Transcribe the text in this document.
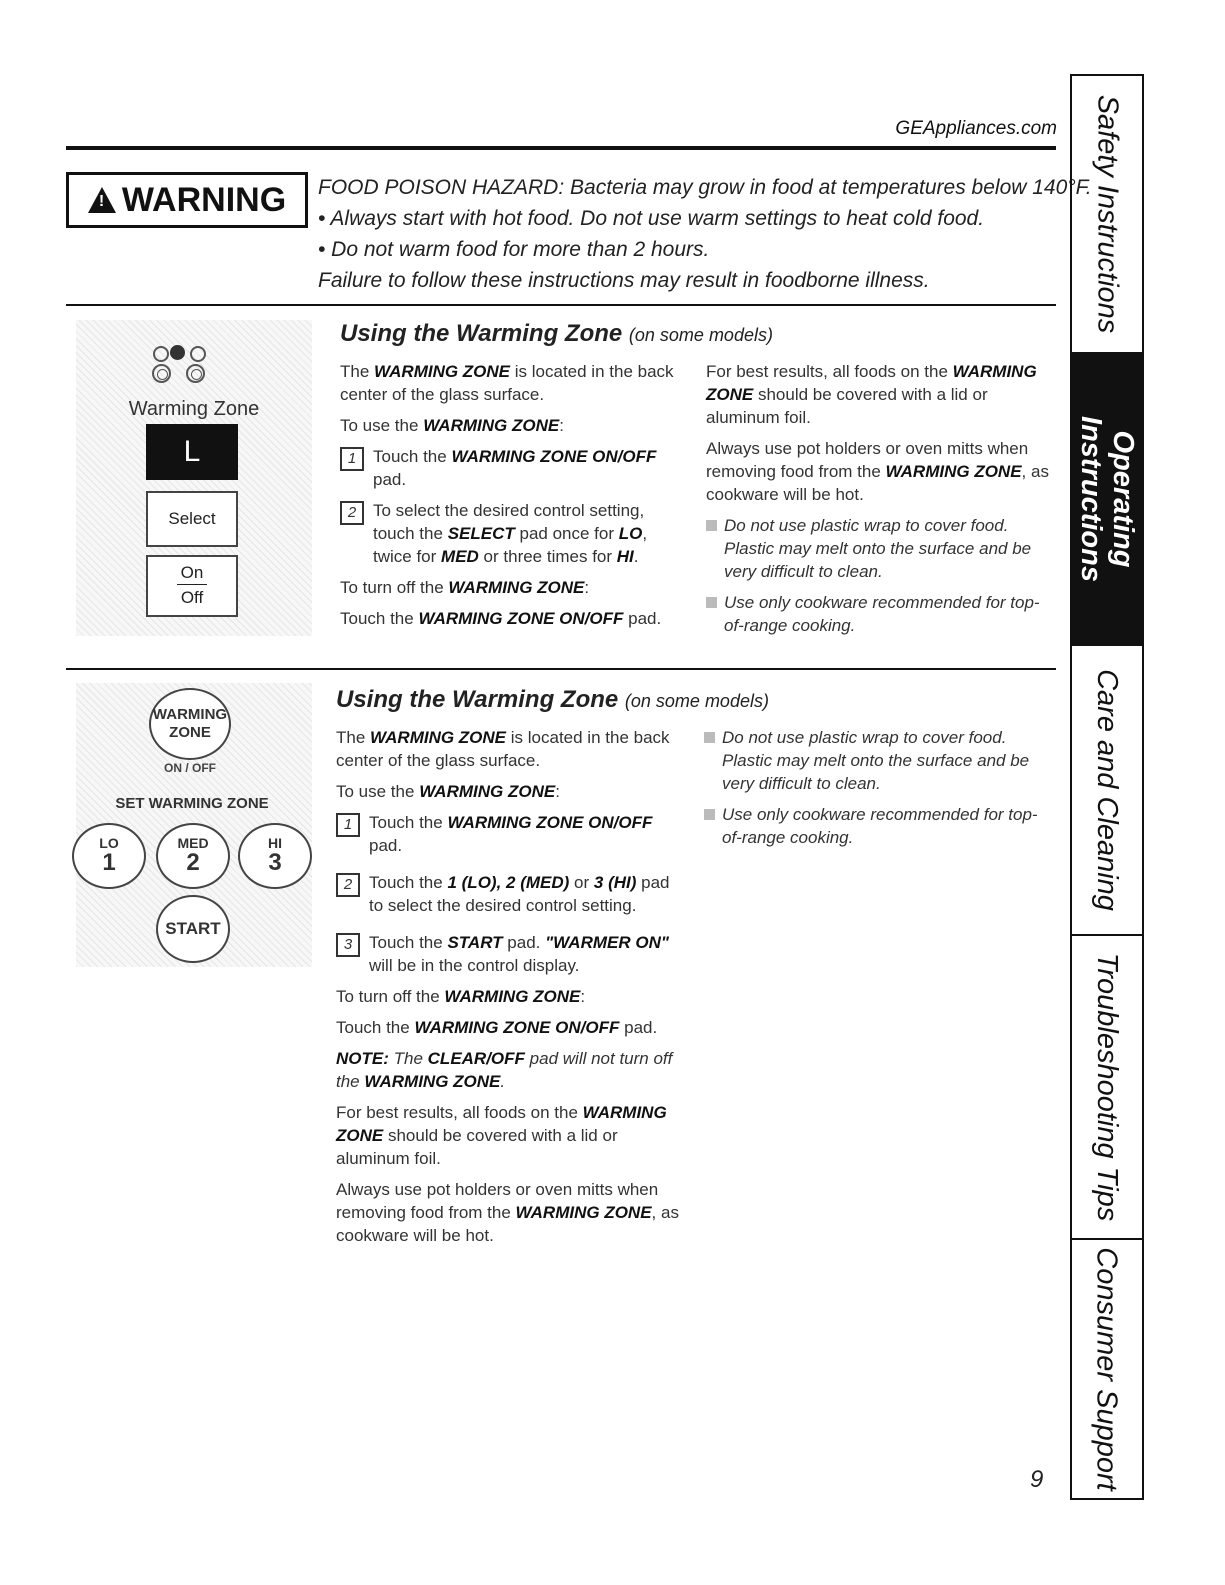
GEAppliances.com
!
WARNING FOOD POISON HAZARD: Bacteria may grow in food at temperatures below 140°F.
• Always start with hot food. Do not use warm settings to heat cold food.
• Do not warm food for more than 2 hours.
Failure to follow these instructions may result in foodborne illness.
Warming Zone
L
Select
On
Off
Using the Warming Zone (on some models)

The WARMING ZONE is located in the back center of the glass surface.

To use the WARMING ZONE:

1 Touch the WARMING ZONE ON/OFF pad.
2 To select the desired control setting, touch the SELECT pad once for LO, twice for MED or three times for HI.

To turn off the WARMING ZONE:

Touch the WARMING ZONE ON/OFF pad.

For best results, all foods on the WARMING ZONE should be covered with a lid or aluminum foil.

Always use pot holders or oven mitts when removing food from the WARMING ZONE, as cookware will be hot.

Do not use plastic wrap to cover food. Plastic may melt onto the surface and be very difficult to clean.
Use only cookware recommended for top-of-range cooking.
WARMING
ZONE
ON / OFF
SET WARMING ZONE
LO
1
MED
2
HI
3
START
Using the Warming Zone (on some models)

The WARMING ZONE is located in the back center of the glass surface.

To use the WARMING ZONE:

1 Touch the WARMING ZONE ON/OFF pad.
2 Touch the 1 (LO), 2 (MED) or 3 (HI) pad to select the desired control setting.
3 Touch the START pad. "WARMER ON" will be in the control display.

To turn off the WARMING ZONE:

Touch the WARMING ZONE ON/OFF pad.

NOTE: The CLEAR/OFF pad will not turn off the WARMING ZONE.

For best results, all foods on the WARMING ZONE should be covered with a lid or aluminum foil.

Always use pot holders or oven mitts when removing food from the WARMING ZONE, as cookware will be hot.

Do not use plastic wrap to cover food. Plastic may melt onto the surface and be very difficult to clean.
Use only cookware recommended for top-of-range cooking.
Safety Instructions
Operating Instructions
Care and Cleaning
Troubleshooting Tips
Consumer Support
9
